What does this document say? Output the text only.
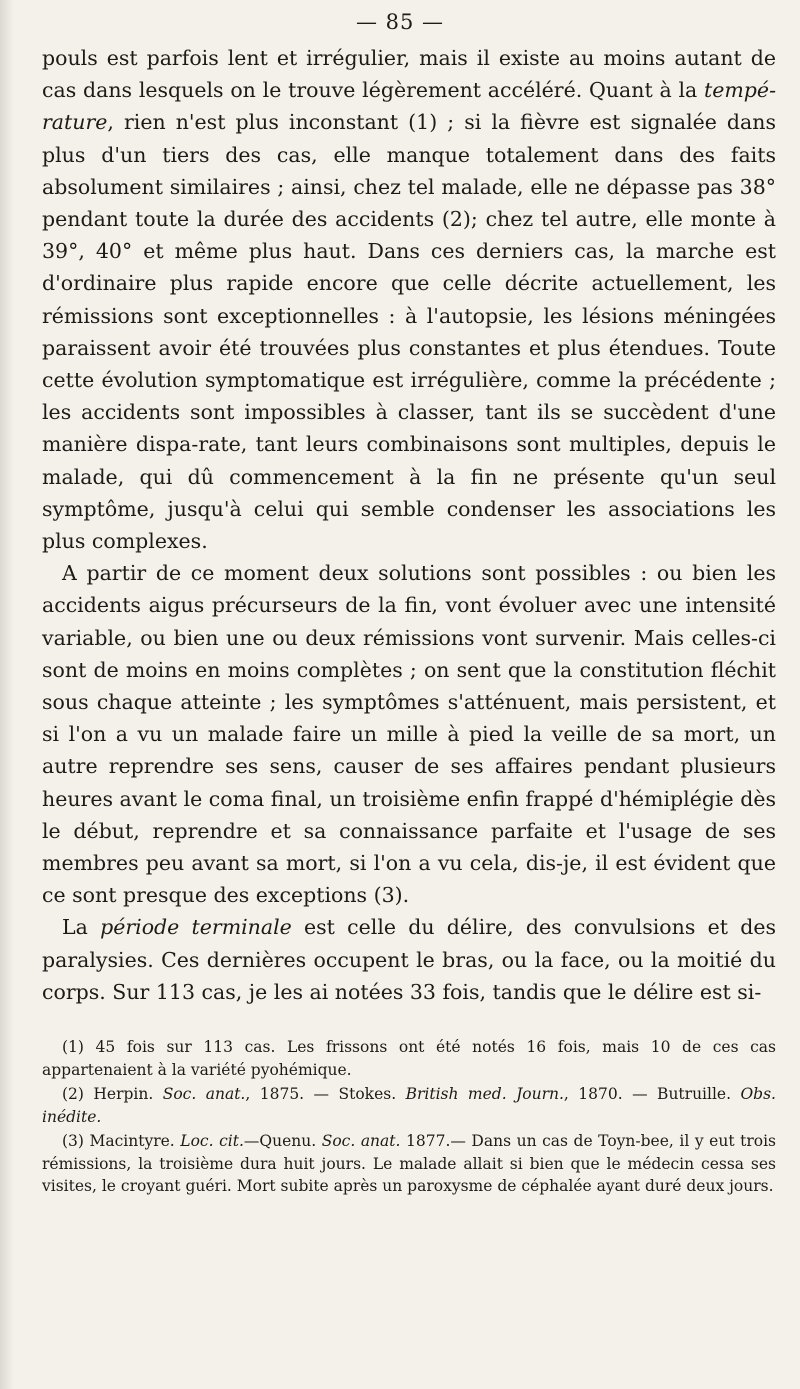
— 85 —

pouls est parfois lent et irrégulier, mais il existe au moins autant de cas dans lesquels on le trouve légèrement accéléré. Quant à la tempé-rature, rien n'est plus inconstant (1) ; si la fièvre est signalée dans plus d'un tiers des cas, elle manque totalement dans des faits absolument similaires ; ainsi, chez tel malade, elle ne dépasse pas 38° pendant toute la durée des accidents (2); chez tel autre, elle monte à 39°, 40° et même plus haut. Dans ces derniers cas, la marche est d'ordinaire plus rapide encore que celle décrite actuellement, les rémissions sont exceptionnelles : à l'autopsie, les lésions méningées paraissent avoir été trouvées plus constantes et plus étendues. Toute cette évolution symptomatique est irrégulière, comme la précédente ; les accidents sont impossibles à classer, tant ils se succèdent d'une manière dispa-rate, tant leurs combinaisons sont multiples, depuis le malade, qui dû commencement à la fin ne présente qu'un seul symptôme, jusqu'à celui qui semble condenser les associations les plus complexes.

A partir de ce moment deux solutions sont possibles : ou bien les accidents aigus précurseurs de la fin, vont évoluer avec une intensité variable, ou bien une ou deux rémissions vont survenir. Mais celles-ci sont de moins en moins complètes ; on sent que la constitution fléchit sous chaque atteinte ; les symptômes s'atténuent, mais persistent, et si l'on a vu un malade faire un mille à pied la veille de sa mort, un autre reprendre ses sens, causer de ses affaires pendant plusieurs heures avant le coma final, un troisième enfin frappé d'hémiplégie dès le début, reprendre et sa connaissance parfaite et l'usage de ses membres peu avant sa mort, si l'on a vu cela, dis-je, il est évident que ce sont presque des exceptions (3).

La période terminale est celle du délire, des convulsions et des paralysies. Ces dernières occupent le bras, ou la face, ou la moitié du corps. Sur 113 cas, je les ai notées 33 fois, tandis que le délire est si-

(1) 45 fois sur 113 cas. Les frissons ont été notés 16 fois, mais 10 de ces cas appartenaient à la variété pyohémique.

(2) Herpin. Soc. anat., 1875. — Stokes. British med. Journ., 1870. — Butruille. Obs. inédite.

(3) Macintyre. Loc. cit.—Quenu. Soc. anat. 1877.— Dans un cas de Toyn-bee, il y eut trois rémissions, la troisième dura huit jours. Le malade allait si bien que le médecin cessa ses visites, le croyant guéri. Mort subite après un paroxysme de céphalée ayant duré deux jours.
